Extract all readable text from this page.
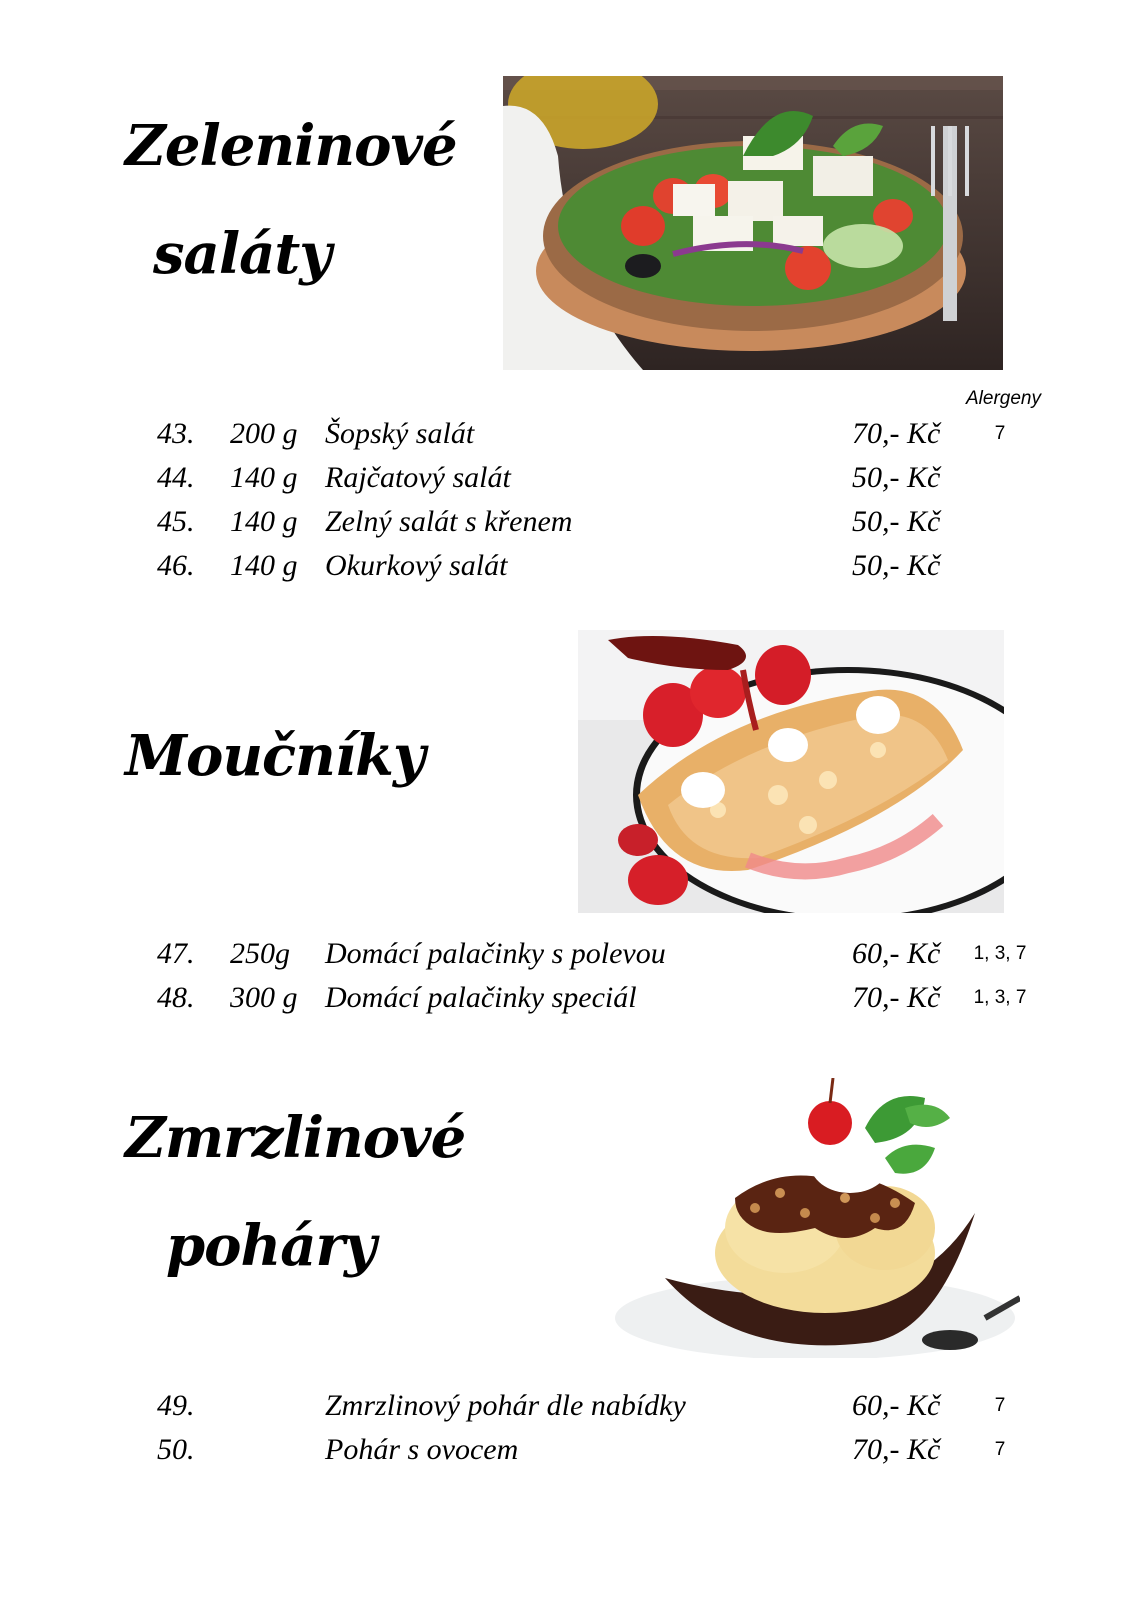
Zeleninové
saláty
Alergeny
43. 200 g Šopský salát	70,- Kč	7
44. 140 g Rajčatový salát	50,- Kč
45. 140 g Zelný salát s křenem	50,- Kč
46. 140 g Okurkový salát	50,- Kč
Moučníky
47. 250g Domácí palačinky s polevou	60,- Kč 1, 3, 7
48. 300 g Domácí palačinky speciál	70,- Kč 1, 3, 7
Zmrzlinové
poháry
49.	Zmrzlinový pohár dle nabídky	60,- Kč	7
50.	Pohár s ovocem	70,- Kč	7
